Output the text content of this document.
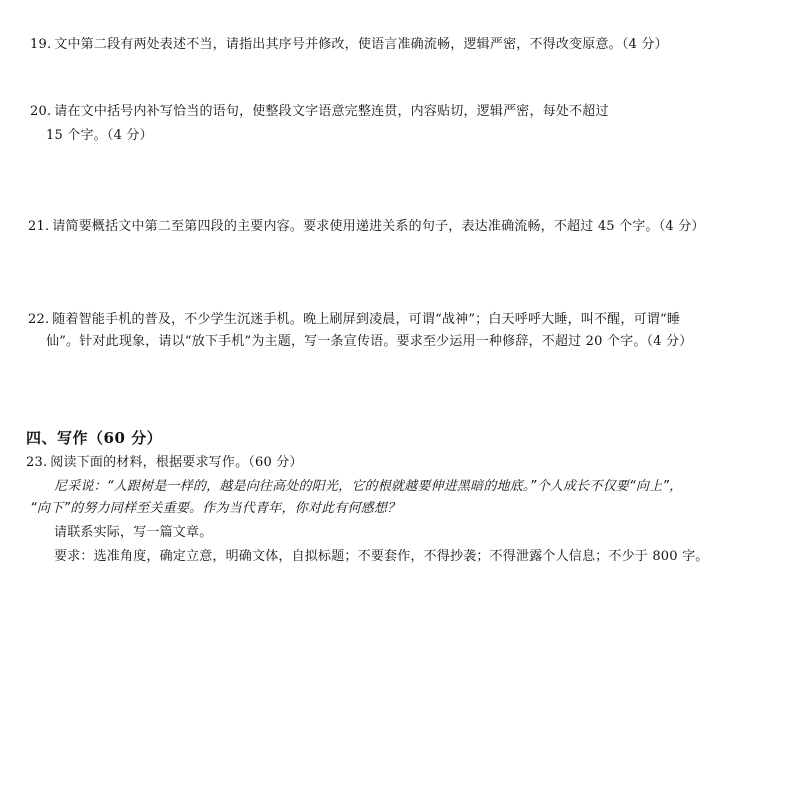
19. 文中第二段有两处表述不当，请指出其序号并修改，使语言准确流畅，逻辑严密，不得改变原意。（4 分）
20. 请在文中括号内补写恰当的语句，使整段文字语意完整连贯，内容贴切，逻辑严密，每处不超过
15 个字。（4 分）
21. 请简要概括文中第二至第四段的主要内容。要求使用递进关系的句子，表达准确流畅，不超过 45 个字。（4 分）
22. 随着智能手机的普及，不少学生沉迷手机。晚上刷屏到凌晨，可谓“战神”；白天呼呼大睡，叫不醒，可谓“睡
仙”。针对此现象，请以“放下手机”为主题，写一条宣传语。要求至少运用一种修辞，不超过 20 个字。（4 分）
四、写作（60 分）
23. 阅读下面的材料，根据要求写作。（60 分）
尼采说：“人跟树是一样的，越是向往高处的阳光，它的根就越要伸进黑暗的地底。”个人成长不仅要“向上”，
“向下”的努力同样至关重要。作为当代青年，你对此有何感想？
请联系实际，写一篇文章。
要求：选准角度，确定立意，明确文体，自拟标题；不要套作，不得抄袭；不得泄露个人信息；不少于 800 字。
